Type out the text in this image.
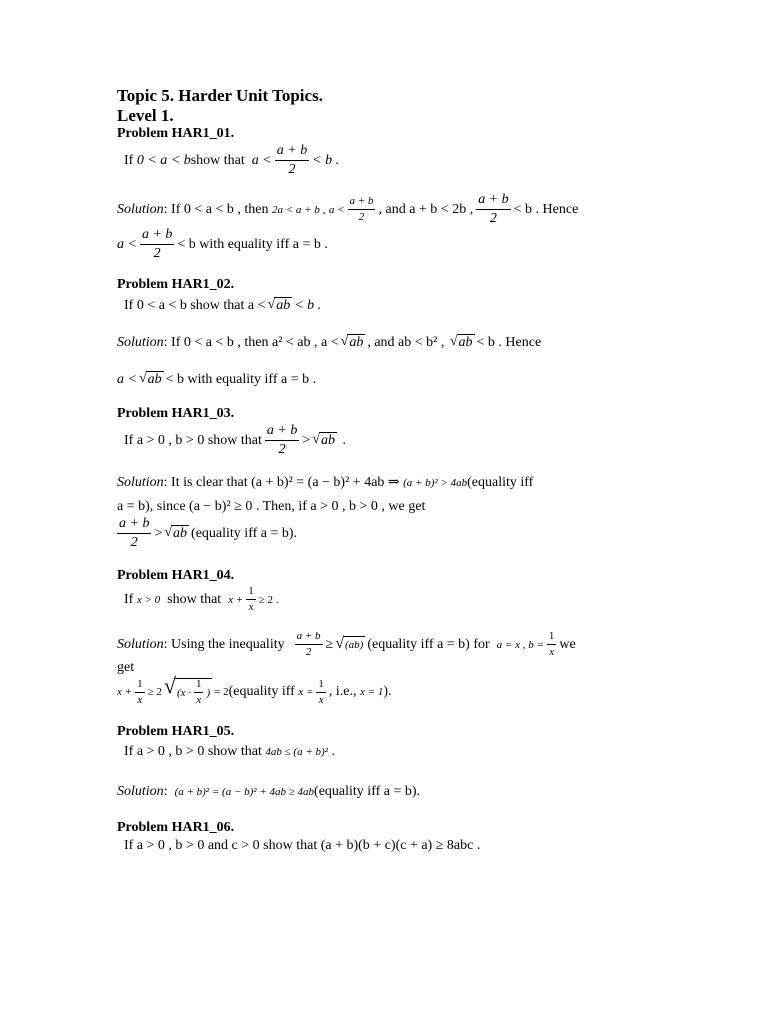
Topic 5. Harder Unit Topics.
Level 1.
Problem HAR1_01.
If
0 < a < b show that
$a < \frac{a + b}{2} < b$ .
Solution : If 0 < a < b , then
2a < a + b ,
$a < \frac{a + b}{2}$ , and a + b < 2b , $\frac{a + b}{2} < b$ . Hence
$a < \frac{a + b}{2} < b$ with equality iff a = b .
Problem HAR1_02.
If 0 < a < b show that a < √ ab < b .
Solution : If 0 < a < b , then a² < ab , a < √ ab , and ab < b² ,
√ ab < b . Hence
a < √ ab < b with equality iff a = b .
Problem HAR1_03.
If a > 0 , b > 0 show that $\frac{a + b}{2}$ > √ ab
.
Solution : It is clear that (a + b)² = (a − b)² + 4ab ⇒
(a + b)² > 4ab (equality iff
a = b), since (a − b)² ≥ 0 . Then, if a > 0 , b > 0 , we get
$\frac{a + b}{2}$ > √ ab (equality iff a = b).
Problem HAR1_04.
If
x > 0
show that
$x + \frac{1}{x} \ge 2$ .
Solution : Using the inequality
$\frac{a + b}{2}$ ≥ √ (ab) (equality iff a = b) for
a = x , $b = \frac{1}{x}$ we
get
$x + \frac{1}{x} \ge 2$ √ ($x \cdot \frac{1}{x}$ ) = 2 (equality iff
$x = \frac{1}{x}$ , i.e.,
x = 1 ).
Problem HAR1_05.
If a > 0 , b > 0 show that
4ab ≤ (a + b)²
.
Solution :
(a + b)² = (a − b)² + 4ab ≥ 4ab (equality iff a = b).
Problem HAR1_06.
If a > 0 , b > 0 and c > 0 show that (a + b)(b + c)(c + a) ≥ 8abc .
